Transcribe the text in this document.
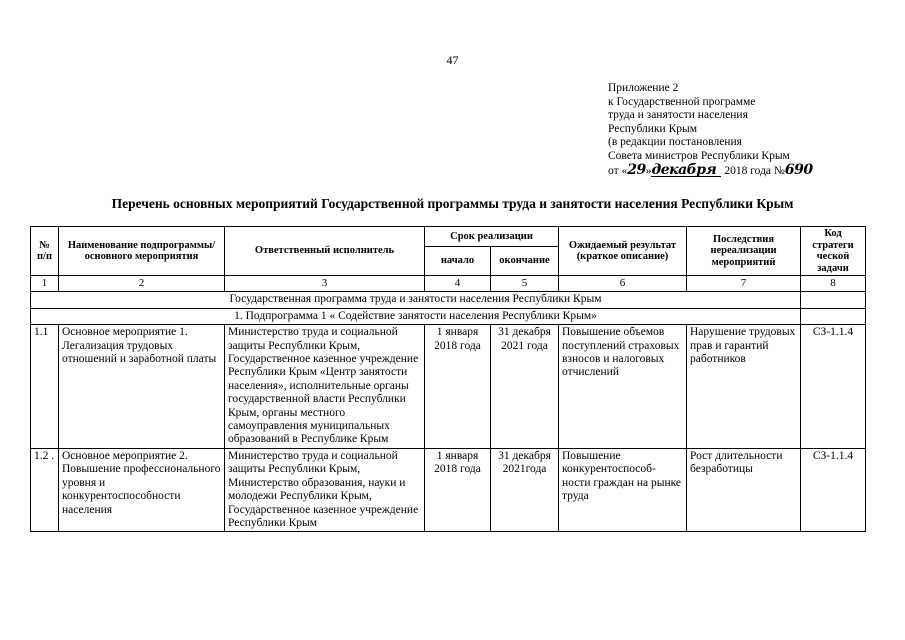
47
Приложение 2
к Государственной программе
труда и занятости населения
Республики Крым
(в редакции постановления
Совета министров Республики Крым
от «29»декабря 2018 года №690
Перечень основных мероприятий Государственной программы труда и занятости населения Республики Крым
№ п/п	Наименование подпрограммы/ основного мероприятия	Ответственный исполнитель	Срок реализации		Ожидаемый результат (краткое описание)	Последствия нереализации мероприятий	Код стратеги ческой задачи
			начало	окончание			
1	2	3	4	5	6	7	8
Государственная программа труда и занятости населения Республики Крым							
1. Подпрограмма 1 « Содействие занятости населения Республики Крым»							
1.1	Основное мероприятие 1. Легализация трудовых отношений и заработной платы	Министерство труда и социальной защиты Республики Крым, Государственное казенное учреждение Республики Крым «Центр занятости населения», исполнительные органы государственной власти Республики Крым, органы местного самоуправления муниципальных образований в Республике Крым	1 января 2018 года	31 декабря 2021 года	Повышение объемов поступлений страховых взносов и налоговых отчислений	Нарушение трудовых прав и гарантий работников	СЗ-1.1.4
1.2 .	Основное мероприятие 2. Повышение профессионального уровня и конкурентоспособности населения	Министерство труда и социальной защиты Республики Крым, Министерство образования, науки и молодежи Республики Крым, Государственное казенное учреждение Республики Крым	1 января 2018 года	31 декабря 2021года	Повышение конкурентоспособ- ности граждан на рынке труда	Рост длительности безработицы	СЗ-1.1.4
